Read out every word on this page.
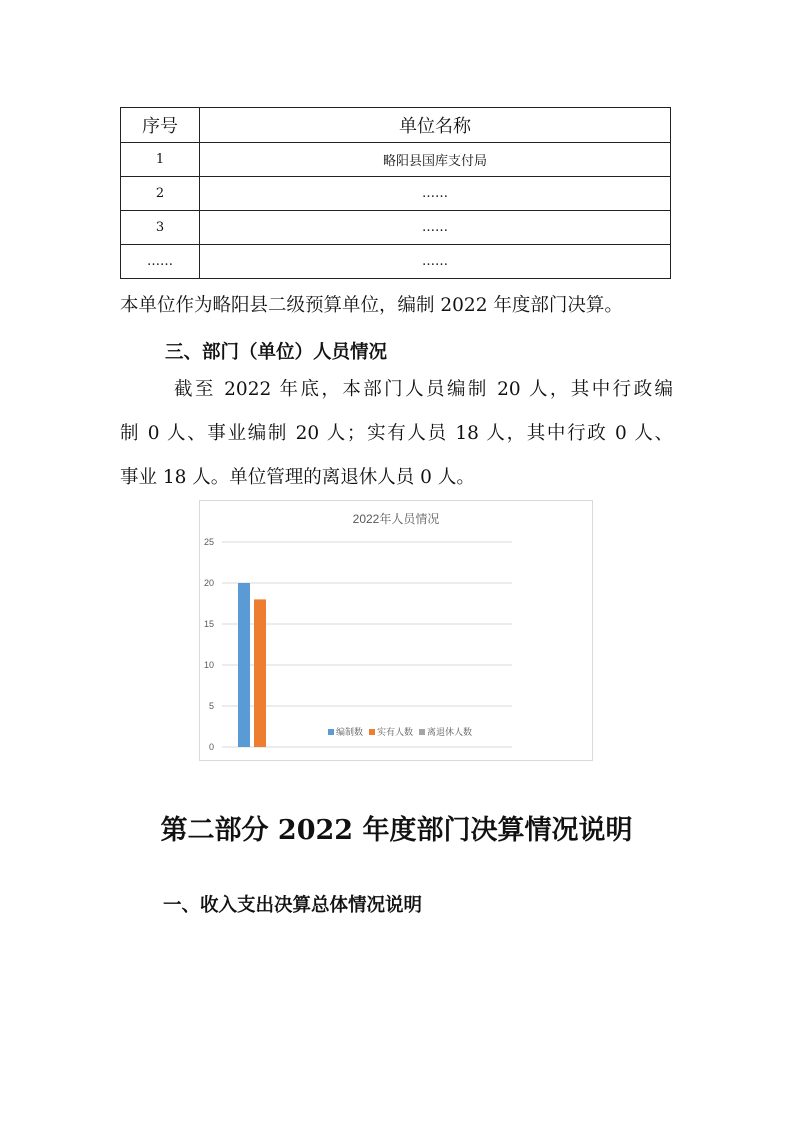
序号	单位名称
1	略阳县国库支付局
2	……
3	……
……	……
本单位作为略阳县二级预算单位，编制 2022 年度部门决算。
三、部门（单位）人员情况
截至 2022 年底，本部门人员编制 20 人，其中行政编
制 0 人、事业编制 20 人；实有人员 18 人，其中行政 0 人、
事业 18 人。单位管理的离退休人员 0 人。
2022年人员情况
0
5
10
15
20
25
编制数 实有人数 离退休人数
第二部分 2022 年度部门决算情况说明
一、收入支出决算总体情况说明
